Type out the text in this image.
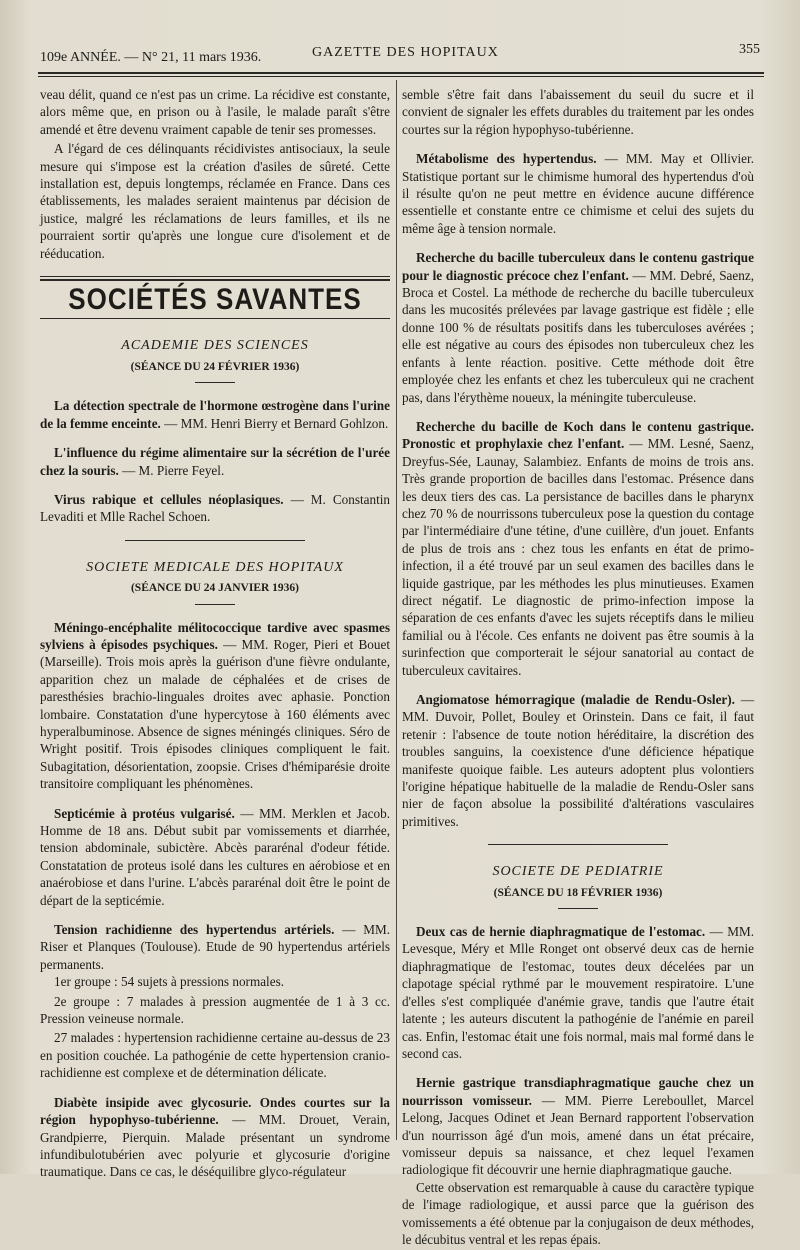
109e ANNÉE. — N° 21, 11 mars 1936.	GAZETTE DES HOPITAUX	355

veau délit, quand ce n'est pas un crime. La récidive est constante, alors même que, en prison ou à l'asile, le malade paraît s'être amendé et être devenu vraiment capable de tenir ses promesses.

A l'égard de ces délinquants récidivistes antisociaux, la seule mesure qui s'impose est la création d'asiles de sûreté. Cette installation est, depuis longtemps, réclamée en France. Dans ces établissements, les malades seraient maintenus par décision de justice, malgré les réclamations de leurs familles, et ils ne pourraient sortir qu'après une longue cure d'isolement et de rééducation.

SOCIÉTÉS SAVANTES
ACADEMIE DES SCIENCES
(SÉANCE DU 24 FÉVRIER 1936)

La détection spectrale de l'hormone œstrogène dans l'urine de la femme enceinte. — MM. Henri Bierry et Bernard Gohlzon.

L'influence du régime alimentaire sur la sécrétion de l'urée chez la souris. — M. Pierre Feyel.

Virus rabique et cellules néoplasiques. — M. Constantin Levaditi et Mlle Rachel Schoen.

SOCIETE MEDICALE DES HOPITAUX
(SÉANCE DU 24 JANVIER 1936)

Méningo-encéphalite mélitococcique tardive avec spasmes sylviens à épisodes psychiques. — MM. Roger, Pieri et Bouet (Marseille). Trois mois après la guérison d'une fièvre ondulante, apparition chez un malade de céphalées et de crises de paresthésies brachio-linguales droites avec aphasie. Ponction lombaire. Constatation d'une hypercytose à 160 éléments avec hyperalbuminose. Absence de signes méningés cliniques. Séro de Wright positif. Trois épisodes cliniques compliquent le fait. Subagitation, désorientation, zoopsie. Crises d'hémiparésie droite transitoire compliquant les phénomènes.

Septicémie à protéus vulgarisé. — MM. Merklen et Jacob. Homme de 18 ans. Début subit par vomissements et diarrhée, tension abdominale, subictère. Abcès pararénal d'odeur fétide. Constatation de proteus isolé dans les cultures en aérobiose et en anaérobiose et dans l'urine. L'abcès pararénal doit être le point de départ de la septicémie.

Tension rachidienne des hypertendus artériels. — MM. Riser et Planques (Toulouse). Etude de 90 hypertendus artériels permanents.

1er groupe : 54 sujets à pressions normales.

2e groupe : 7 malades à pression augmentée de 1 à 3 cc. Pression veineuse normale.

27 malades : hypertension rachidienne certaine au-dessus de 23 en position couchée. La pathogénie de cette hypertension cranio-rachidienne est complexe et de détermination délicate.

Diabète insipide avec glycosurie. Ondes courtes sur la région hypophyso-tubérienne. — MM. Drouet, Verain, Grandpierre, Pierquin. Malade présentant un syndrome infundibulotubérien avec polyurie et glycosurie d'origine traumatique. Dans ce cas, le déséquilibre glyco-régulateur

semble s'être fait dans l'abaissement du seuil du sucre et il convient de signaler les effets durables du traitement par les ondes courtes sur la région hypophyso-tubérienne.

Métabolisme des hypertendus. — MM. May et Ollivier. Statistique portant sur le chimisme humoral des hypertendus d'où il résulte qu'on ne peut mettre en évidence aucune différence essentielle et constante entre ce chimisme et celui des sujets du même âge à tension normale.

Recherche du bacille tuberculeux dans le contenu gastrique pour le diagnostic précoce chez l'enfant. — MM. Debré, Saenz, Broca et Costel. La méthode de recherche du bacille tuberculeux dans les mucosités prélevées par lavage gastrique est fidèle ; elle donne 100 % de résultats positifs dans les tuberculoses avérées ; elle est négative au cours des épisodes non tuberculeux chez les enfants à lente réaction. positive. Cette méthode doit être employée chez les enfants et chez les tuberculeux qui ne crachent pas, dans l'érythème noueux, la méningite tuberculeuse.

Recherche du bacille de Koch dans le contenu gastrique. Pronostic et prophylaxie chez l'enfant. — MM. Lesné, Saenz, Dreyfus-Sée, Launay, Salambiez. Enfants de moins de trois ans. Très grande proportion de bacilles dans l'estomac. Présence dans les deux tiers des cas. La persistance de bacilles dans le pharynx chez 70 % de nourrissons tuberculeux pose la question du contage par l'intermédiaire d'une tétine, d'une cuillère, d'un jouet. Enfants de plus de trois ans : chez tous les enfants en état de primo-infection, il a été trouvé par un seul examen des bacilles dans le liquide gastrique, par les méthodes les plus minutieuses. Examen direct négatif. Le diagnostic de primo-infection impose la séparation de ces enfants d'avec les sujets réceptifs dans le milieu familial ou à l'école. Ces enfants ne doivent pas être soumis à la surinfection que comporterait le séjour sanatorial au contact de tuberculeux cavitaires.

Angiomatose hémorragique (maladie de Rendu-Osler). — MM. Duvoir, Pollet, Bouley et Orinstein. Dans ce fait, il faut retenir : l'absence de toute notion héréditaire, la discrétion des troubles sanguins, la coexistence d'une déficience hépatique manifeste quoique faible. Les auteurs adoptent plus volontiers l'origine hépatique habituelle de la maladie de Rendu-Osler sans nier de façon absolue la possibilité d'altérations vasculaires primitives.

SOCIETE DE PEDIATRIE
(SÉANCE DU 18 FÉVRIER 1936)

Deux cas de hernie diaphragmatique de l'estomac. — MM. Levesque, Méry et Mlle Ronget ont observé deux cas de hernie diaphragmatique de l'estomac, toutes deux décelées par un clapotage spécial rythmé par le mouvement respiratoire. L'une d'elles s'est compliquée d'anémie grave, tandis que l'autre était latente ; les auteurs discutent la pathogénie de l'anémie en pareil cas. Enfin, l'estomac était une fois normal, mais mal formé dans le second cas.

Hernie gastrique transdiaphragmatique gauche chez un nourrisson vomisseur. — MM. Pierre Lereboullet, Marcel Lelong, Jacques Odinet et Jean Bernard rapportent l'observation d'un nourrisson âgé d'un mois, amené dans un état précaire, vomisseur depuis sa naissance, et chez lequel l'examen radiologique fit découvrir une hernie diaphragmatique gauche.

Cette observation est remarquable à cause du caractère typique de l'image radiologique, et aussi parce que la guérison des vomissements a été obtenue par la conjugaison de deux méthodes, le décubitus ventral et les repas épais.
